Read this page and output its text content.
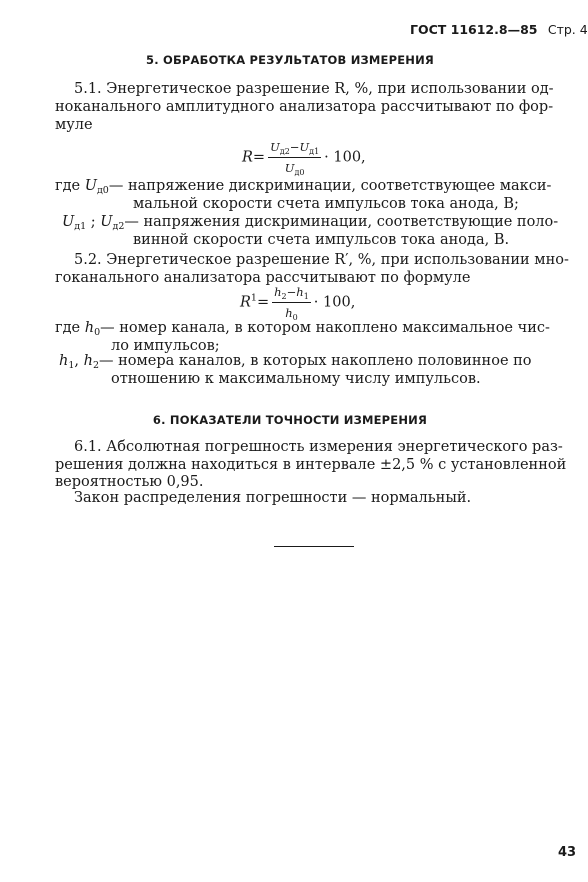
ГОСТ 11612.8—85 Стр. 4
5. ОБРАБОТКА РЕЗУЛЬТАТОВ ИЗМЕРЕНИЯ
5.1. Энергетическое разрешение R, %, при использовании од-
ноканального амплитудного анализатора рассчитывают по фор-
муле
$R= \frac{U_{д2}-U_{д1}}{U_{д0}} \cdot 100$,
где $U_{д0}—$ напряжение дискриминации, соответствующее макси-
мальной скорости счета импульсов тока анода, В;
$U_{д1}$ ; $U_{д2}—$ напряжения дискриминации, соответствующие поло-
винной скорости счета импульсов тока анода, В.
5.2. Энергетическое разрешение R′, %, при использовании мно-
гоканального анализатора рассчитывают по формуле
$R^1= \frac{h_2-h_1}{h_0} \cdot 100$,
где $h_0—$ номер канала, в котором накоплено максимальное чис-
ло импульсов;
$h_1$, $h_2—$ номера каналов, в которых накоплено половинное по
отношению к максимальному числу импульсов.
6. ПОКАЗАТЕЛИ ТОЧНОСТИ ИЗМЕРЕНИЯ
6.1. Абсолютная погрешность измерения энергетического раз-
решения должна находиться в интервале ±2,5 % с установленной
вероятностью 0,95.
Закон распределения погрешности — нормальный.
43
